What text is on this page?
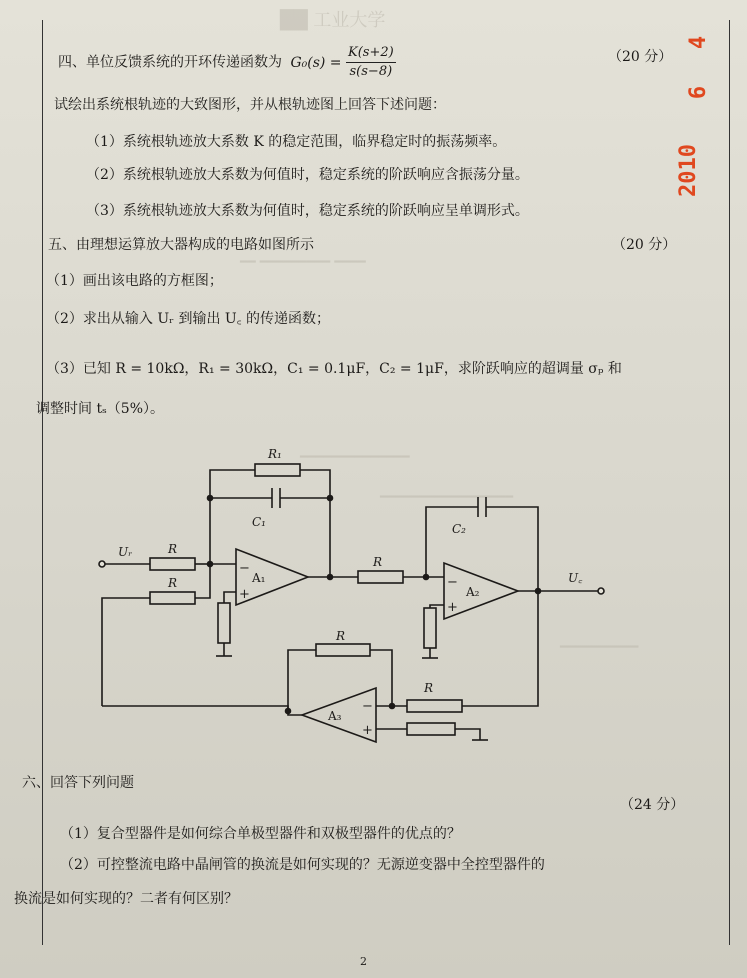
██ 工业大学
━━ ━━━━━━━━━ ━━━━
━━━━━━━━━━━━━━
━━━━━━━━━━━━━━━━━
━━━━━━━━━━
4
6
2010
四、单位反馈系统的开环传递函数为 $G_0(s) = \frac{K(s+2)}{s(s-8)}$	（20 分）
试绘出系统根轨迹的大致图形，并从根轨迹图上回答下述问题：
（1）系统根轨迹放大系数 K 的稳定范围，临界稳定时的振荡频率。
（2）系统根轨迹放大系数为何值时，稳定系统的阶跃响应含振荡分量。
（3）系统根轨迹放大系数为何值时，稳定系统的阶跃响应呈单调形式。
五、由理想运算放大器构成的电路如图所示	（20 分）
（1）画出该电路的方框图；
（2）求出从输入 Uᵣ 到输出 U꜀ 的传递函数；
（3）已知 R = 10kΩ，R₁ = 30kΩ，C₁ = 0.1μF，C₂ = 1μF，求阶跃响应的超调量 σₚ 和
调整时间 tₛ（5%）。
R₁
C₁	C₂
R
R
R
R
R
Uᵣ
U꜀
A₁
A₂
A₃
−
+
−
+
−
+
六、回答下列问题
（24 分）
（1）复合型器件是如何综合单极型器件和双极型器件的优点的？
（2）可控整流电路中晶闸管的换流是如何实现的？无源逆变器中全控型器件的
换流是如何实现的？二者有何区别？
2
